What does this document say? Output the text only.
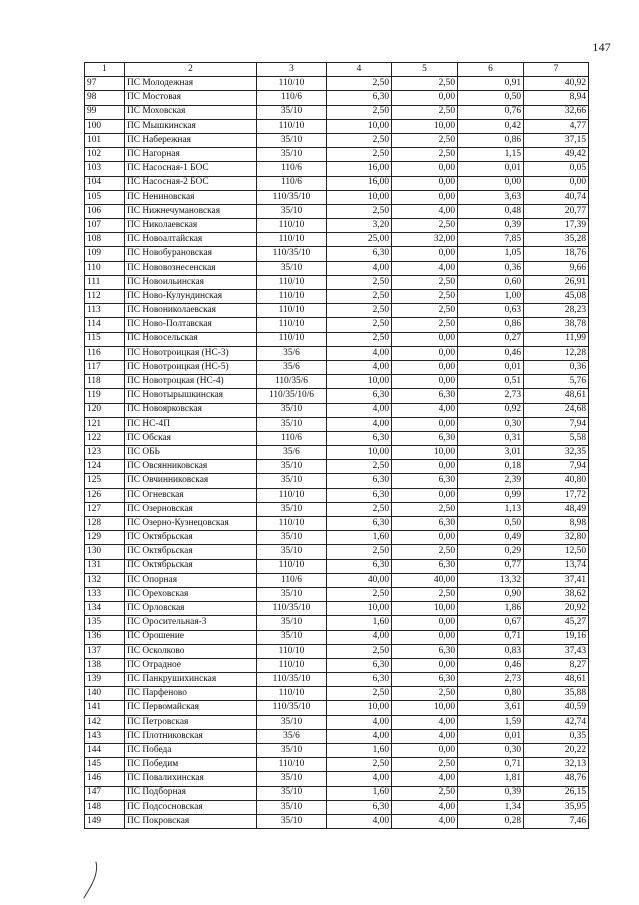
147
1	2	3	4	5	6	7
97	ПС Молодежная	110/10	2,50	2,50	0,91	40,92
98	ПС Мостовая	110/6	6,30	0,00	0,50	8,94
99	ПС Моховская	35/10	2,50	2,50	0,76	32,66
100	ПС Мышкинская	110/10	10,00	10,00	0,42	4,77
101	ПС Набережная	35/10	2,50	2,50	0,86	37,15
102	ПС Нагорная	35/10	2,50	2,50	1,15	49,42
103	ПС Насосная-1 БОС	110/6	16,00	0,00	0,01	0,05
104	ПС Насосная-2 БОС	110/6	16,00	0,00	0,00	0,00
105	ПС Нениновская	110/35/10	10,00	0,00	3,63	40,74
106	ПС Нижнечумановская	35/10	2,50	4,00	0,48	20,77
107	ПС Николаевская	110/10	3,20	2,50	0,39	17,39
108	ПС Новоалтайская	110/10	25,00	32,00	7,85	35,28
109	ПС Новобурановская	110/35/10	6,30	0,00	1,05	18,76
110	ПС Нововознесенская	35/10	4,00	4,00	0,36	9,66
111	ПС Новоильинская	110/10	2,50	2,50	0,60	26,91
112	ПС Ново-Кулундинская	110/10	2,50	2,50	1,00	45,08
113	ПС Новониколаевская	110/10	2,50	2,50	0,63	28,23
114	ПС Ново-Полтавская	110/10	2,50	2,50	0,86	38,78
115	ПС Новосельская	110/10	2,50	0,00	0,27	11,99
116	ПС Новотроицкая (НС-3)	35/6	4,00	0,00	0,46	12,28
117	ПС Новотроицкая (НС-5)	35/6	4,00	0,00	0,01	0,36
118	ПС Новотроцкая (НС-4)	110/35/6	10,00	0,00	0,51	5,76
119	ПС Новотырышкинская	110/35/10/6	6,30	6,30	2,73	48,61
120	ПС Новоярковская	35/10	4,00	4,00	0,92	24,68
121	ПС НС-4П	35/10	4,00	0,00	0,30	7,94
122	ПС Обская	110/6	6,30	6,30	0,31	5,58
123	ПС ОБЬ	35/6	10,00	10,00	3,01	32,35
124	ПС Овсянниковская	35/10	2,50	0,00	0,18	7,94
125	ПС Овчинниковская	35/10	6,30	6,30	2,39	40,80
126	ПС Огневская	110/10	6,30	0,00	0,99	17,72
127	ПС Озерновская	35/10	2,50	2,50	1,13	48,49
128	ПС Озерно-Кузнецовская	110/10	6,30	6,30	0,50	8,98
129	ПС Октябрьская	35/10	1,60	0,00	0,49	32,80
130	ПС Октябрьская	35/10	2,50	2,50	0,29	12,50
131	ПС Октябрьская	110/10	6,30	6,30	0,77	13,74
132	ПС Опорная	110/6	40,00	40,00	13,32	37,41
133	ПС Ореховская	35/10	2,50	2,50	0,90	38,62
134	ПС Орловская	110/35/10	10,00	10,00	1,86	20,92
135	ПС Оросительная-3	35/10	1,60	0,00	0,67	45,27
136	ПС Орошение	35/10	4,00	0,00	0,71	19,16
137	ПС Осколково	110/10	2,50	6,30	0,83	37,43
138	ПС Отрадное	110/10	6,30	0,00	0,46	8,27
139	ПС Панкрушихинская	110/35/10	6,30	6,30	2,73	48,61
140	ПС Парфеново	110/10	2,50	2,50	0,80	35,88
141	ПС Первомайская	110/35/10	10,00	10,00	3,61	40,59
142	ПС Петровская	35/10	4,00	4,00	1,59	42,74
143	ПС Плотниковская	35/6	4,00	4,00	0,01	0,35
144	ПС Победа	35/10	1,60	0,00	0,30	20,22
145	ПС Победим	110/10	2,50	2,50	0,71	32,13
146	ПС Повалихинская	35/10	4,00	4,00	1,81	48,76
147	ПС Подборная	35/10	1,60	2,50	0,39	26,15
148	ПС Подсосновская	35/10	6,30	4,00	1,34	35,95
149	ПС Покровская	35/10	4,00	4,00	0,28	7,46
